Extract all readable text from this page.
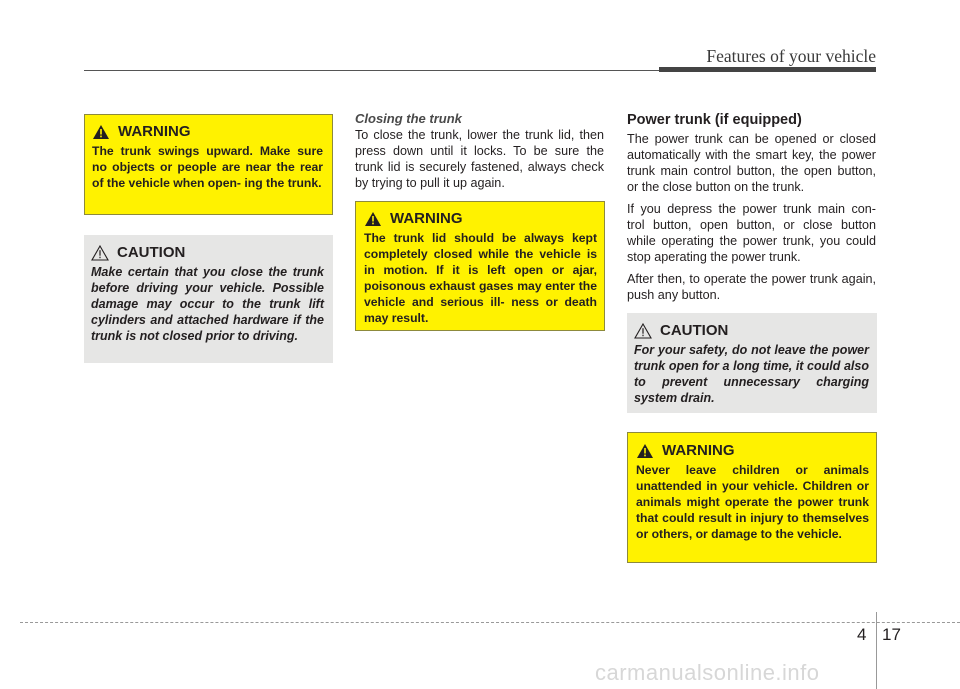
Features of your vehicle
WARNING
The trunk swings upward. Make sure no objects or people are near the rear of the vehicle when open- ing the trunk.
CAUTION
Make certain that you close the trunk before driving your vehicle. Possible damage may occur to the trunk lift cylinders and attached hardware if the trunk is not closed prior to driving.
Closing the trunk

To close the trunk, lower the trunk lid, then press down until it locks. To be sure the trunk lid is securely fastened, always check by trying to pull it up again.

WARNING
The trunk lid should be always kept completely closed while the vehicle is in motion. If it is left open or ajar, poisonous exhaust gases may enter the vehicle and serious ill- ness or death may result.
Power trunk (if equipped)

The power trunk can be opened or closed automatically with the smart key, the power trunk main control button, the open button, or the close button on the trunk.

If you depress the power trunk main con- trol button, open button, or close button while operating the power trunk, you could stop aperating the power trunk.

After then, to operate the power trunk again, push any button.

CAUTION
For your safety, do not leave the power trunk open for a long time, it could also to prevent unnecessary charging system drain.
WARNING
Never leave children or animals unattended in your vehicle. Children or animals might operate the power trunk that could result in injury to themselves or others, or damage to the vehicle.
4 17
carmanualsonline.info
